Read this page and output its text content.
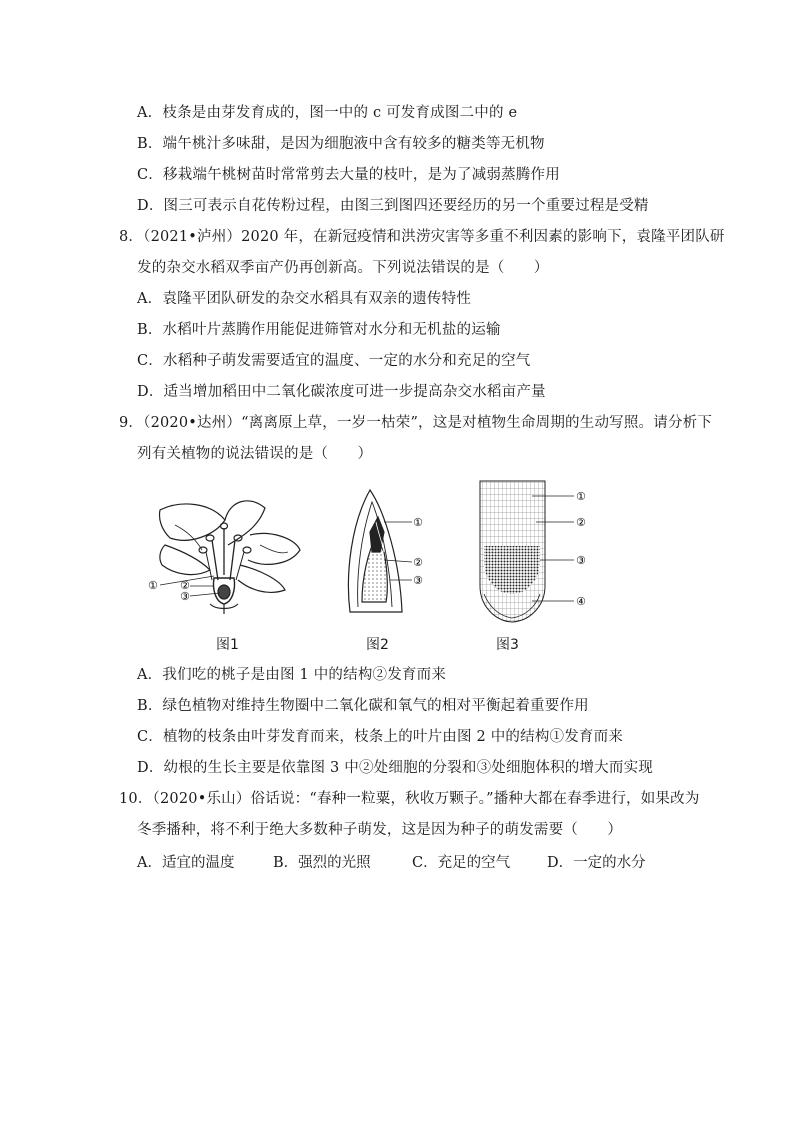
A．枝条是由芽发育成的，图一中的 c 可发育成图二中的 e
B．端午桃汁多味甜，是因为细胞液中含有较多的糖类等无机物
C．移栽端午桃树苗时常常剪去大量的枝叶，是为了减弱蒸腾作用
D．图三可表示自花传粉过程，由图三到图四还要经历的另一个重要过程是受精
8．（2021•泸州）2020 年，在新冠疫情和洪涝灾害等多重不利因素的影响下，袁隆平团队研
发的杂交水稻双季亩产仍再创新高。下列说法错误的是（　　）
A．袁隆平团队研发的杂交水稻具有双亲的遗传特性
B．水稻叶片蒸腾作用能促进筛管对水分和无机盐的运输
C．水稻种子萌发需要适宜的温度、一定的水分和充足的空气
D．适当增加稻田中二氧化碳浓度可进一步提高杂交水稻亩产量
9．（2020•达州）“离离原上草，一岁一枯荣”，这是对植物生命周期的生动写照。请分析下
列有关植物的说法错误的是（　　）
① ②
③
①
②
③
①
②
③
④
图1	图2	图3
A．我们吃的桃子是由图 1 中的结构②发育而来
B．绿色植物对维持生物圈中二氧化碳和氧气的相对平衡起着重要作用
C．植物的枝条由叶芽发育而来，枝条上的叶片由图 2 中的结构①发育而来
D．幼根的生长主要是依靠图 3 中②处细胞的分裂和③处细胞体积的增大而实现
10．（2020•乐山）俗话说：“春种一粒粟，秋收万颗子。”播种大都在春季进行，如果改为
冬季播种，将不利于绝大多数种子萌发，这是因为种子的萌发需要（　　）
A．适宜的温度	B．强烈的光照	C．充足的空气	D．一定的水分
